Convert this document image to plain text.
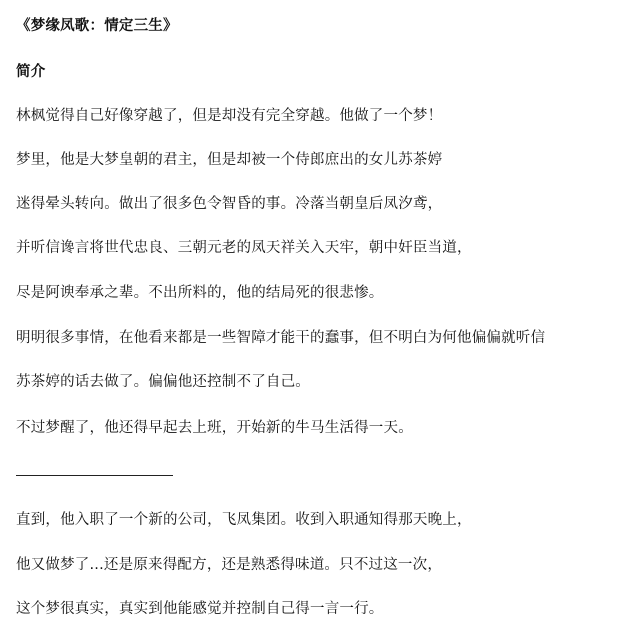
《梦缘凤歌：情定三生》
简介
林枫觉得自己好像穿越了，但是却没有完全穿越。他做了一个梦！
梦里，他是大梦皇朝的君主，但是却被一个侍郎庶出的女儿苏茶婷
迷得晕头转向。做出了很多色令智昏的事。冷落当朝皇后凤汐鸢，
并听信谗言将世代忠良、三朝元老的凤天祥关入天牢，朝中奸臣当道，
尽是阿谀奉承之辈。不出所料的，他的结局死的很悲惨。
明明很多事情，在他看来都是一些智障才能干的蠢事，但不明白为何他偏偏就听信
苏茶婷的话去做了。偏偏他还控制不了自己。
不过梦醒了，他还得早起去上班，开始新的牛马生活得一天。
直到，他入职了一个新的公司，飞凤集团。收到入职通知得那天晚上，
他又做梦了...还是原来得配方，还是熟悉得味道。只不过这一次，
这个梦很真实，真实到他能感觉并控制自己得一言一行。
